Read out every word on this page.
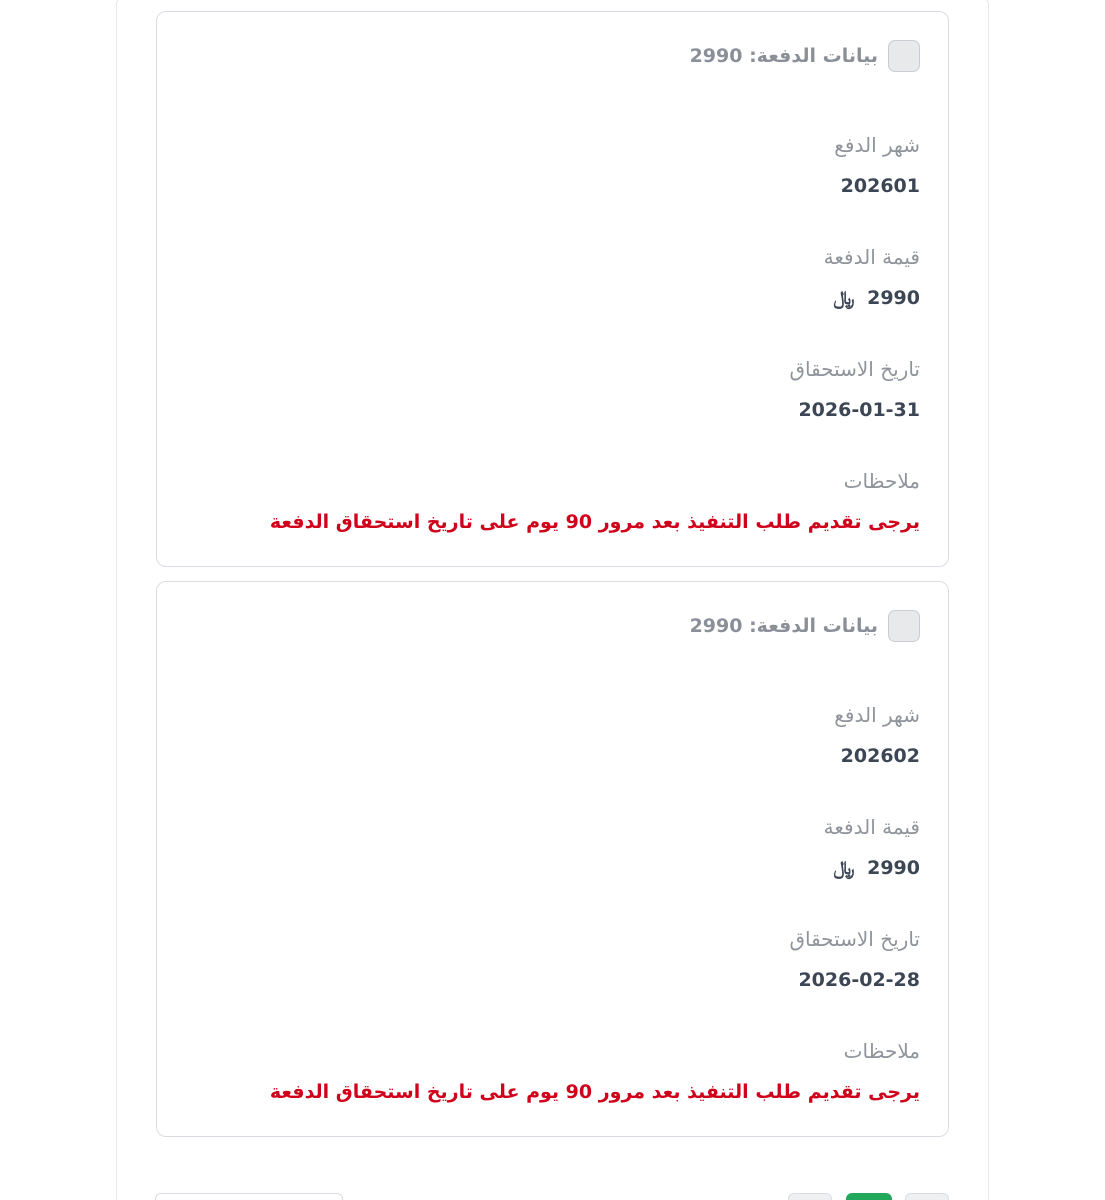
بيانات الدفعة: 2990
شهر الدفع
202601
قيمة الدفعة
2990 ﷼
تاريخ الاستحقاق
2026-01-31
ملاحظات
يرجى تقديم طلب التنفيذ بعد مرور 90 يوم على تاريخ استحقاق الدفعة
بيانات الدفعة: 2990
شهر الدفع
202602
قيمة الدفعة
2990 ﷼
تاريخ الاستحقاق
2026-02-28
ملاحظات
يرجى تقديم طلب التنفيذ بعد مرور 90 يوم على تاريخ استحقاق الدفعة
